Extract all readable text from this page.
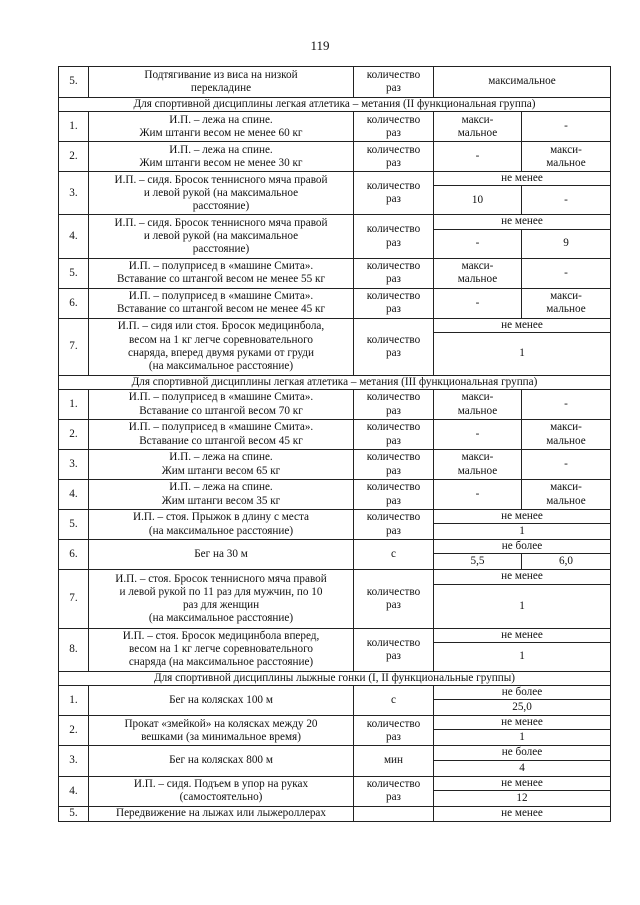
119
5.	Подтягивание из виса на низкой
перекладине	количество
раз	максимальное	
Для спортивной дисциплины легкая атлетика – метания (II функциональная группа)				
1.	И.П. – лежа на спине.
Жим штанги весом не менее 60 кг	количество
раз	макси-
мальное	-
2.	И.П. – лежа на спине.
Жим штанги весом не менее 30 кг	количество
раз	-	макси-
мальное
3.	И.П. – сидя. Бросок теннисного мяча правой
и левой рукой (на максимальное
расстояние)	количество
раз	не менее	
			10	-
4.	И.П. – сидя. Бросок теннисного мяча правой
и левой рукой (на максимальное
расстояние)	количество
раз	не менее	
			-	9
5.	И.П. – полуприсед в «машине Смита».
Вставание со штангой весом не менее 55 кг	количество
раз	макси-
мальное	-
6.	И.П. – полуприсед в «машине Смита».
Вставание со штангой весом не менее 45 кг	количество
раз	-	макси-
мальное
7.	И.П. – сидя или стоя. Бросок медицинбола,
весом на 1 кг легче соревновательного
снаряда, вперед двумя руками от груди
(на максимальное расстояние)	количество
раз	не менее	
			1	
Для спортивной дисциплины легкая атлетика – метания (III функциональная группа)				
1.	И.П. – полуприсед в «машине Смита».
Вставание со штангой весом 70 кг	количество
раз	макси-
мальное	-
2.	И.П. – полуприсед в «машине Смита».
Вставание со штангой весом 45 кг	количество
раз	-	макси-
мальное
3.	И.П. – лежа на спине.
Жим штанги весом 65 кг	количество
раз	макси-
мальное	-
4.	И.П. – лежа на спине.
Жим штанги весом 35 кг	количество
раз	-	макси-
мальное
5.	И.П. – стоя. Прыжок в длину с места
(на максимальное расстояние)	количество
раз	не менее	
			1	
6.	Бег на 30 м	с	не более	
			5,5	6,0
7.	И.П. – стоя. Бросок теннисного мяча правой
и левой рукой по 11 раз для мужчин, по 10
раз для женщин
(на максимальное расстояние)	количество
раз	не менее	
			1	
8.	И.П. – стоя. Бросок медицинбола вперед,
весом на 1 кг легче соревновательного
снаряда (на максимальное расстояние)	количество
раз	не менее	
			1	
Для спортивной дисциплины лыжные гонки (I, II функциональные группы)				
1.	Бег на колясках 100 м	с	не более	
			25,0	
2.	Прокат «змейкой» на колясках между 20
вешками (за минимальное время)	количество
раз	не менее	
			1	
3.	Бег на колясках 800 м	мин	не более	
			4	
4.	И.П. – сидя. Подъем в упор на руках
(самостоятельно)	количество
раз	не менее	
			12	
5.	Передвижение на лыжах или лыжероллерах		не менее	
